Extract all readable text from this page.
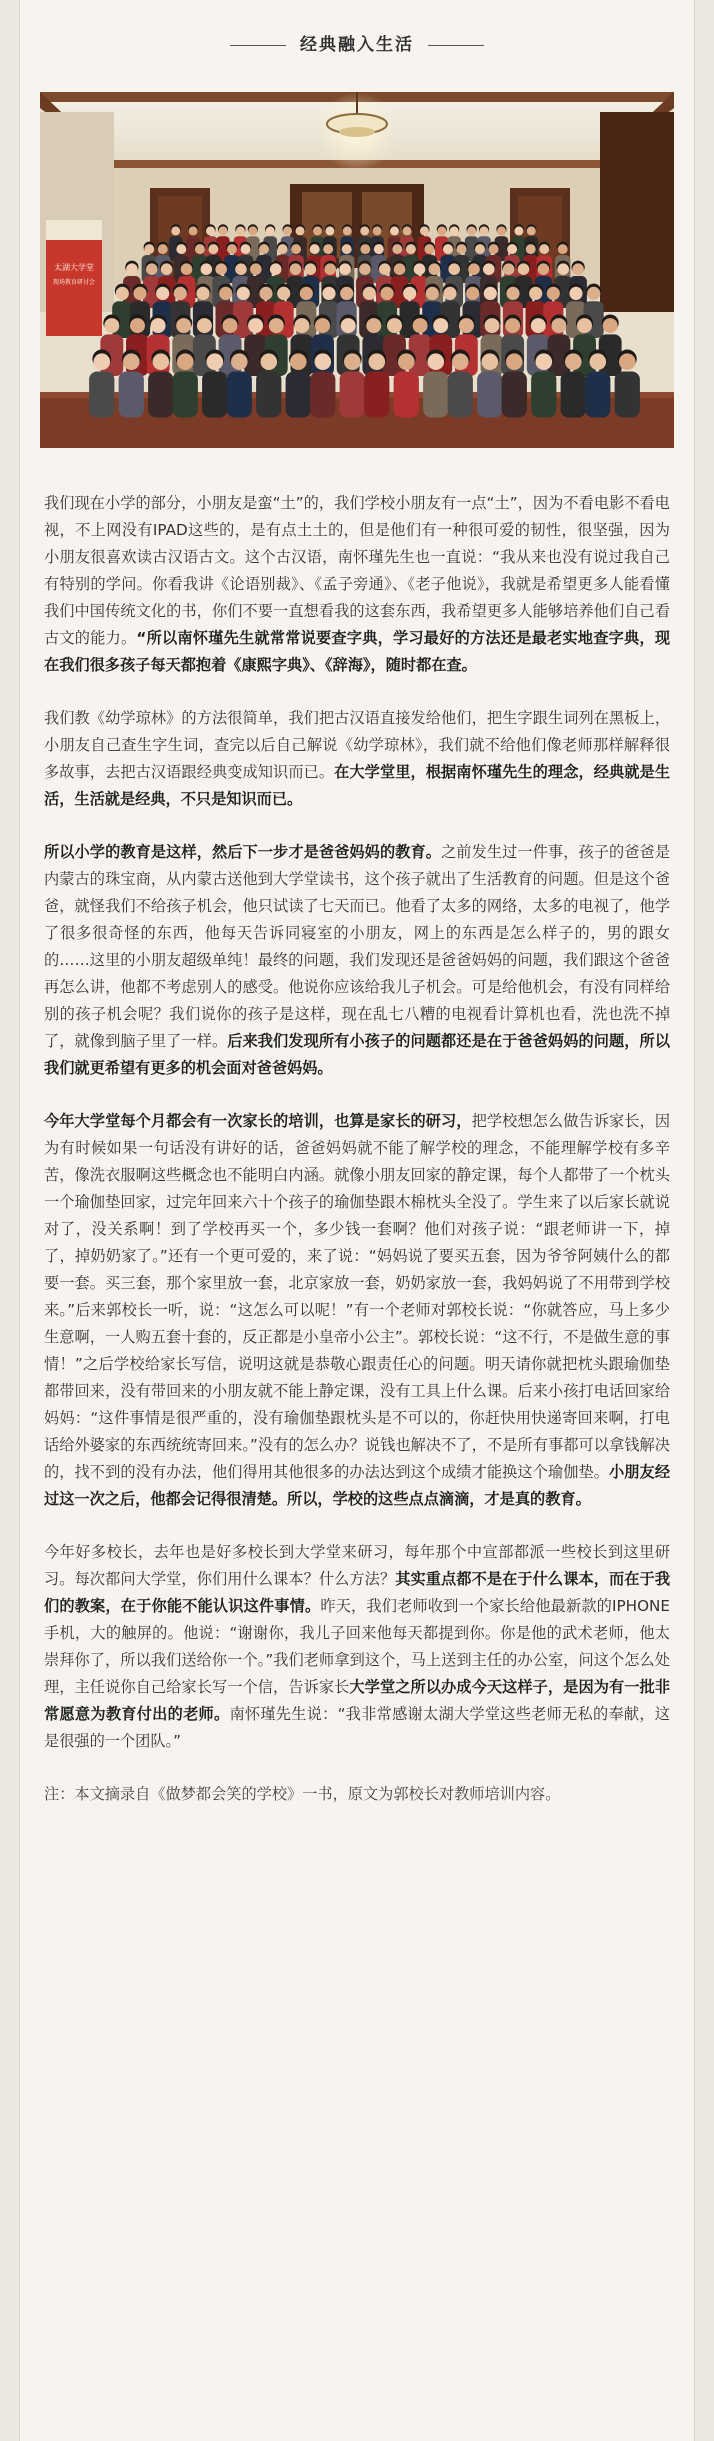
经典融入生活
太湖大学堂
现场教育研讨会

我们现在小学的部分，小朋友是蛮“土”的，我们学校小朋友有一点“土”，因为不看电影不看电视，不上网没有IPAD这些的，是有点土土的，但是他们有一种很可爱的韧性，很坚强，因为小朋友很喜欢读古汉语古文。这个古汉语，南怀瑾先生也一直说：“我从来也没有说过我自己有特别的学问。你看我讲《论语别裁》、《孟子旁通》、《老子他说》，我就是希望更多人能看懂我们中国传统文化的书，你们不要一直想看我的这套东西，我希望更多人能够培养他们自己看古文的能力。“所以南怀瑾先生就常常说要查字典，学习最好的方法还是最老实地查字典，现在我们很多孩子每天都抱着《康熙字典》、《辞海》，随时都在查。

我们教《幼学琼林》的方法很简单，我们把古汉语直接发给他们，把生字跟生词列在黑板上，小朋友自己查生字生词，查完以后自己解说《幼学琼林》，我们就不给他们像老师那样解释很多故事，去把古汉语跟经典变成知识而已。在大学堂里，根据南怀瑾先生的理念，经典就是生活，生活就是经典，不只是知识而已。

所以小学的教育是这样，然后下一步才是爸爸妈妈的教育。之前发生过一件事，孩子的爸爸是内蒙古的珠宝商，从内蒙古送他到大学堂读书，这个孩子就出了生活教育的问题。但是这个爸爸，就怪我们不给孩子机会，他只试读了七天而已。他看了太多的网络，太多的电视了，他学了很多很奇怪的东西，他每天告诉同寝室的小朋友，网上的东西是怎么样子的，男的跟女的……这里的小朋友超级单纯！最终的问题，我们发现还是爸爸妈妈的问题，我们跟这个爸爸再怎么讲，他都不考虑别人的感受。他说你应该给我儿子机会。可是给他机会，有没有同样给别的孩子机会呢？我们说你的孩子是这样，现在乱七八糟的电视看计算机也看，洗也洗不掉了，就像到脑子里了一样。后来我们发现所有小孩子的问题都还是在于爸爸妈妈的问题，所以我们就更希望有更多的机会面对爸爸妈妈。

今年大学堂每个月都会有一次家长的培训，也算是家长的研习，把学校想怎么做告诉家长，因为有时候如果一句话没有讲好的话，爸爸妈妈就不能了解学校的理念，不能理解学校有多辛苦，像洗衣服啊这些概念也不能明白内涵。就像小朋友回家的静定课，每个人都带了一个枕头一个瑜伽垫回家，过完年回来六十个孩子的瑜伽垫跟木棉枕头全没了。学生来了以后家长就说对了，没关系啊！到了学校再买一个，多少钱一套啊？他们对孩子说：“跟老师讲一下，掉了，掉奶奶家了。”还有一个更可爱的，来了说：“妈妈说了要买五套，因为爷爷阿姨什么的都要一套。买三套，那个家里放一套，北京家放一套，奶奶家放一套，我妈妈说了不用带到学校来。”后来郭校长一听，说：“这怎么可以呢！”有一个老师对郭校长说：“你就答应，马上多少生意啊，一人购五套十套的，反正都是小皇帝小公主”。郭校长说：“这不行，不是做生意的事情！”之后学校给家长写信，说明这就是恭敬心跟责任心的问题。明天请你就把枕头跟瑜伽垫都带回来，没有带回来的小朋友就不能上静定课，没有工具上什么课。后来小孩打电话回家给妈妈：“这件事情是很严重的，没有瑜伽垫跟枕头是不可以的，你赶快用快递寄回来啊，打电话给外婆家的东西统统寄回来。”没有的怎么办？说钱也解决不了，不是所有事都可以拿钱解决的，找不到的没有办法，他们得用其他很多的办法达到这个成绩才能换这个瑜伽垫。小朋友经过这一次之后，他都会记得很清楚。所以，学校的这些点点滴滴，才是真的教育。

今年好多校长，去年也是好多校长到大学堂来研习，每年那个中宣部都派一些校长到这里研习。每次都问大学堂，你们用什么课本？什么方法？其实重点都不是在于什么课本，而在于我们的教案，在于你能不能认识这件事情。昨天，我们老师收到一个家长给他最新款的IPHONE手机，大的触屏的。他说：“谢谢你，我儿子回来他每天都提到你。你是他的武术老师，他太崇拜你了，所以我们送给你一个。”我们老师拿到这个，马上送到主任的办公室，问这个怎么处理，主任说你自己给家长写一个信，告诉家长大学堂之所以办成今天这样子，是因为有一批非常愿意为教育付出的老师。南怀瑾先生说：“我非常感谢太湖大学堂这些老师无私的奉献，这是很强的一个团队。”

注：本文摘录自《做梦都会笑的学校》一书，原文为郭校长对教师培训内容。
